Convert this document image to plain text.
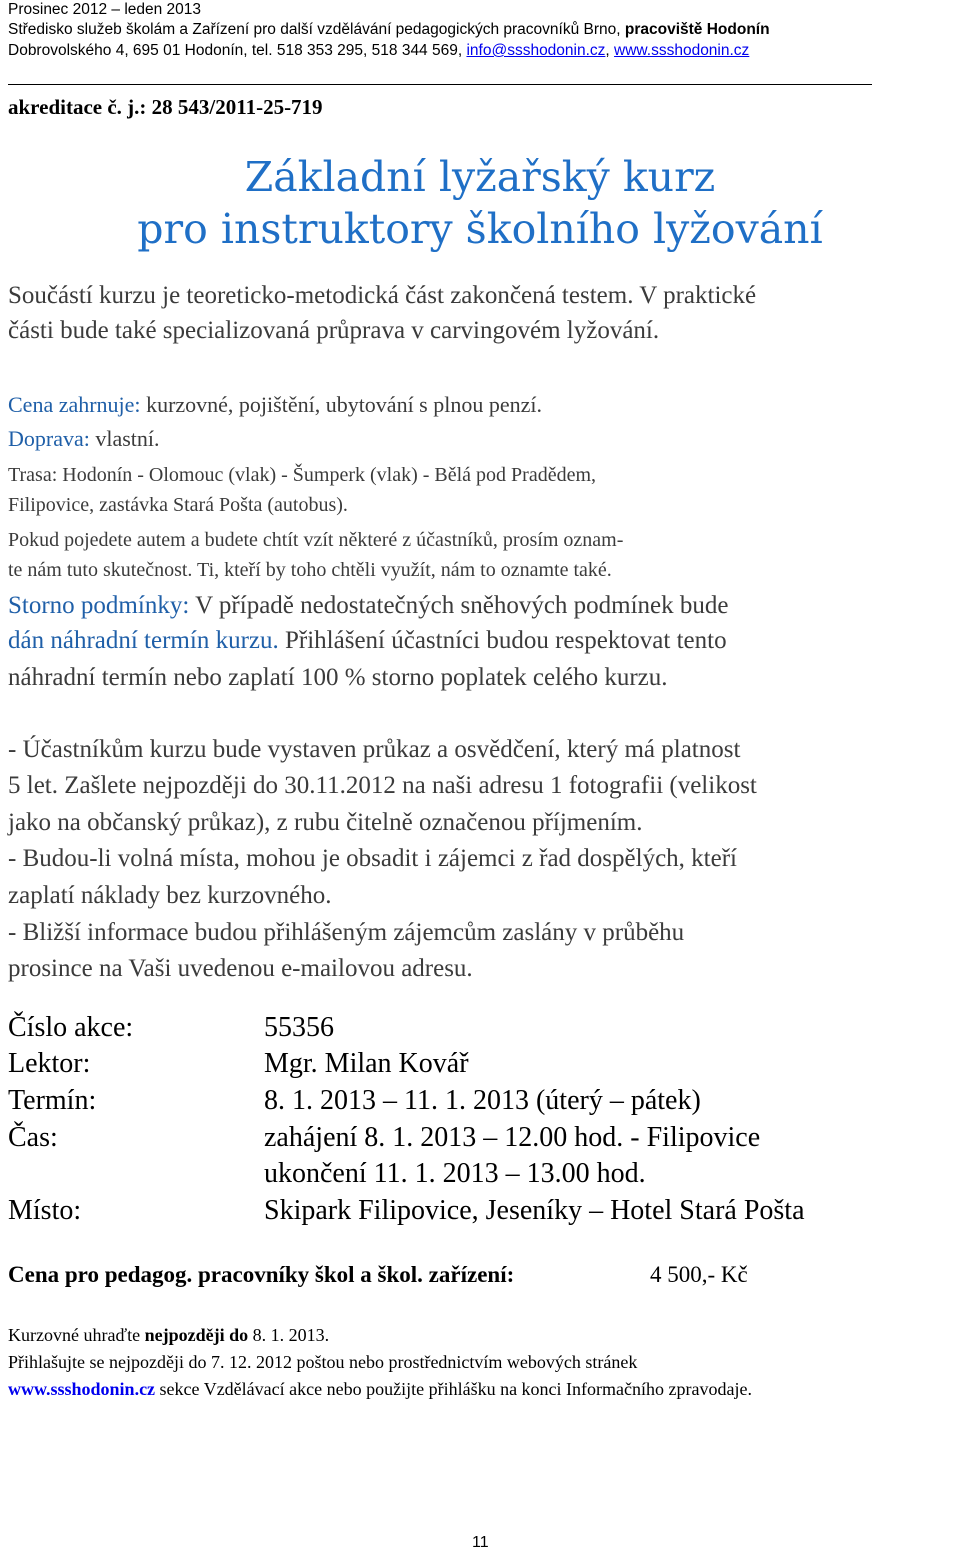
Prosinec 2012 – leden 2013
Středisko služeb školám a Zařízení pro další vzdělávání pedagogických pracovníků Brno, pracoviště Hodonín
Dobrovolského 4, 695 01 Hodonín, tel. 518 353 295, 518 344 569, info@ssshodonin.cz, www.ssshodonin.cz
akreditace č. j.: 28 543/2011-25-719
Základní lyžařský kurz
pro instruktory školního lyžování
Součástí kurzu je teoreticko-metodická část zakončená testem. V praktické
části bude také specializovaná průprava v carvingovém lyžování.
Cena zahrnuje: kurzovné, pojištění, ubytování s plnou penzí.
Doprava: vlastní.
Trasa: Hodonín - Olomouc (vlak) - Šumperk (vlak) - Bělá pod Pradědem,
Filipovice, zastávka Stará Pošta (autobus).
Pokud pojedete autem a budete chtít vzít některé z účastníků, prosím oznam-
te nám tuto skutečnost. Ti, kteří by toho chtěli využít, nám to oznamte také.
Storno podmínky: V případě nedostatečných sněhových podmínek bude
dán náhradní termín kurzu. Přihlášení účastníci budou respektovat tento
náhradní termín nebo zaplatí 100 % storno poplatek celého kurzu.
- Účastníkům kurzu bude vystaven průkaz a osvědčení, který má platnost
5 let. Zašlete nejpozději do 30.11.2012 na naši adresu 1 fotografii (velikost
jako na občanský průkaz), z rubu čitelně označenou příjmením.
- Budou-li volná místa, mohou je obsadit i zájemci z řad dospělých, kteří
zaplatí náklady bez kurzovného.
- Bližší informace budou přihlášeným zájemcům zaslány v průběhu
prosince na Vaši uvedenou e-mailovou adresu.
Číslo akce:	55356
Lektor:	Mgr. Milan Kovář
Termín:	8. 1. 2013 – 11. 1. 2013 (úterý – pátek)
Čas:	zahájení 8. 1. 2013 – 12.00 hod. - Filipovice
ukončení 11. 1. 2013 – 13.00 hod.
Místo:	Skipark Filipovice, Jeseníky – Hotel Stará Pošta
Cena pro pedagog. pracovníky škol a škol. zařízení:	4 500,- Kč
Kurzovné uhraďte nejpozději do 8. 1. 2013.
Přihlašujte se nejpozději do 7. 12. 2012 poštou nebo prostřednictvím webových stránek
www.ssshodonin.cz sekce Vzdělávací akce nebo použijte přihlášku na konci Informačního zpravodaje.
11
